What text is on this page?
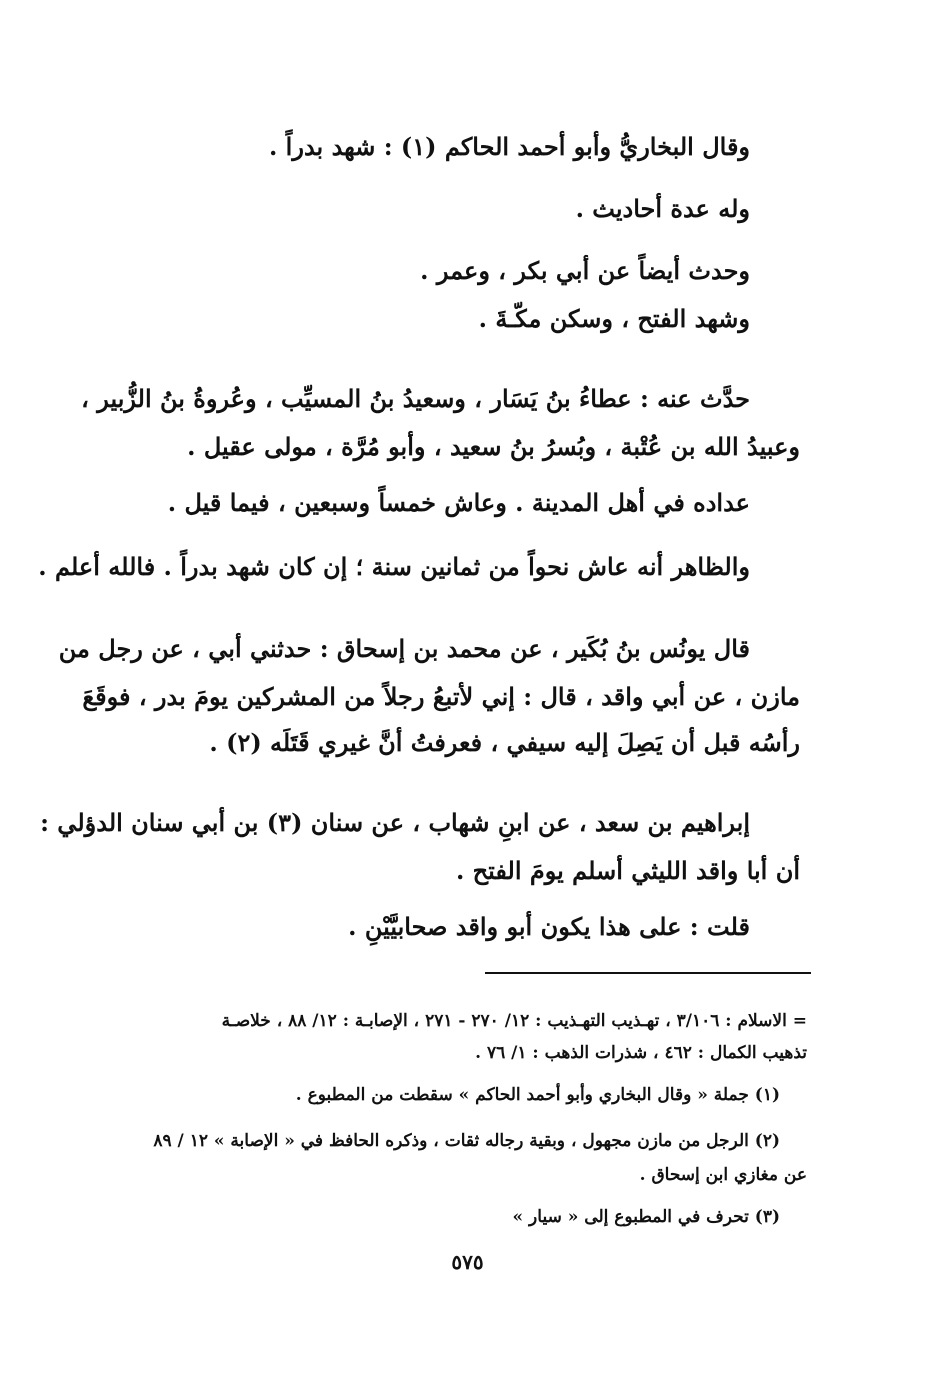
وقال البخاريُّ وأبو أحمد الحاكم (١) : شهد بدراً .
وله عدة أحاديث .
وحدث أيضاً عن أبي بكر ، وعمر .
وشهد الفتح ، وسكن مكّـةَ .
حدَّث عنه : عطاءُ بنُ يَسَار ، وسعيدُ بنُ المسيِّب ، وعُروةُ بنُ الزُّبير ،
وعبيدُ الله بن عُتْبة ، وبُسرُ بنُ سعيد ، وأبو مُرَّة ، مولى عقيل .
عداده في أهل المدينة . وعاش خمساً وسبعين ، فيما قيل .
والظاهر أنه عاش نحواً من ثمانين سنة ؛ إن كان شهد بدراً . فالله أعلم .
قال يونُس بنُ بُكَير ، عن محمد بن إسحاق : حدثني أبي ، عن رجل من
مازن ، عن أبي واقد ، قال : إني لأتبعُ رجلاً من المشركين يومَ بدر ، فوقَعَ
رأسُه قبل أن يَصِلَ إليه سيفي ، فعرفتُ أنَّ غيري قَتَلَه (٢) .
إبراهيم بن سعد ، عن ابنِ شهاب ، عن سنان (٣) بن أبي سنان الدؤلي :
أن أبا واقد الليثي أسلم يومَ الفتح .
قلت : على هذا يكون أبو واقد صحابيَّيْنِ .
= الاسلام : ٣/١٠٦ ، تهـذيب التهـذيب : ١٢/ ٢٧٠ - ٢٧١ ، الإصابـة : ١٢/ ٨٨ ، خلاصـة
تذهيب الكمال : ٤٦٢ ، شذرات الذهب : ١/ ٧٦ .
(١) جملة « وقال البخاري وأبو أحمد الحاكم » سقطت من المطبوع .
(٢) الرجل من مازن مجهول ، وبقية رجاله ثقات ، وذكره الحافظ في « الإصابة » ١٢ / ٨٩
عن مغازي ابن إسحاق .
(٣) تحرف في المطبوع إلى « سيار »
٥٧٥
